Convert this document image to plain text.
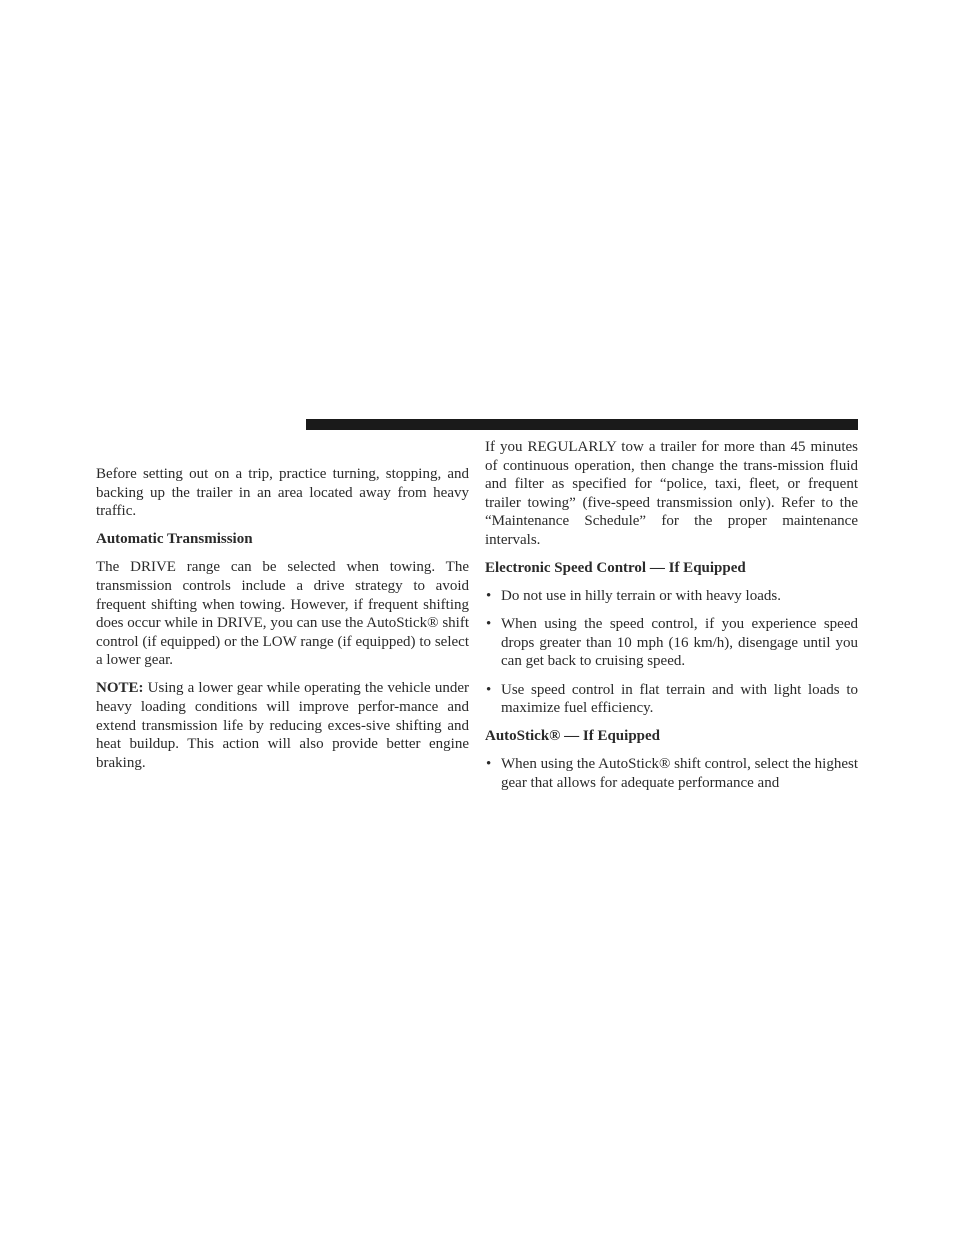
Before setting out on a trip, practice turning, stopping, and backing up the trailer in an area located away from heavy traffic.

Automatic Transmission

The DRIVE range can be selected when towing. The transmission controls include a drive strategy to avoid frequent shifting when towing. However, if frequent shifting does occur while in DRIVE, you can use the AutoStick® shift control (if equipped) or the LOW range (if equipped) to select a lower gear.

NOTE: Using a lower gear while operating the vehicle under heavy loading conditions will improve perfor-mance and extend transmission life by reducing exces-sive shifting and heat buildup. This action will also provide better engine braking.

If you REGULARLY tow a trailer for more than 45 minutes of continuous operation, then change the trans-mission fluid and filter as specified for “police, taxi, fleet, or frequent trailer towing” (five-speed transmission only). Refer to the “Maintenance Schedule” for the proper maintenance intervals.

Electronic Speed Control — If Equipped
• Do not use in hilly terrain or with heavy loads.
• When using the speed control, if you experience speed drops greater than 10 mph (16 km/h), disengage until you can get back to cruising speed.
• Use speed control in flat terrain and with light loads to maximize fuel efficiency.
AutoStick® — If Equipped
• When using the AutoStick® shift control, select the highest gear that allows for adequate performance and
